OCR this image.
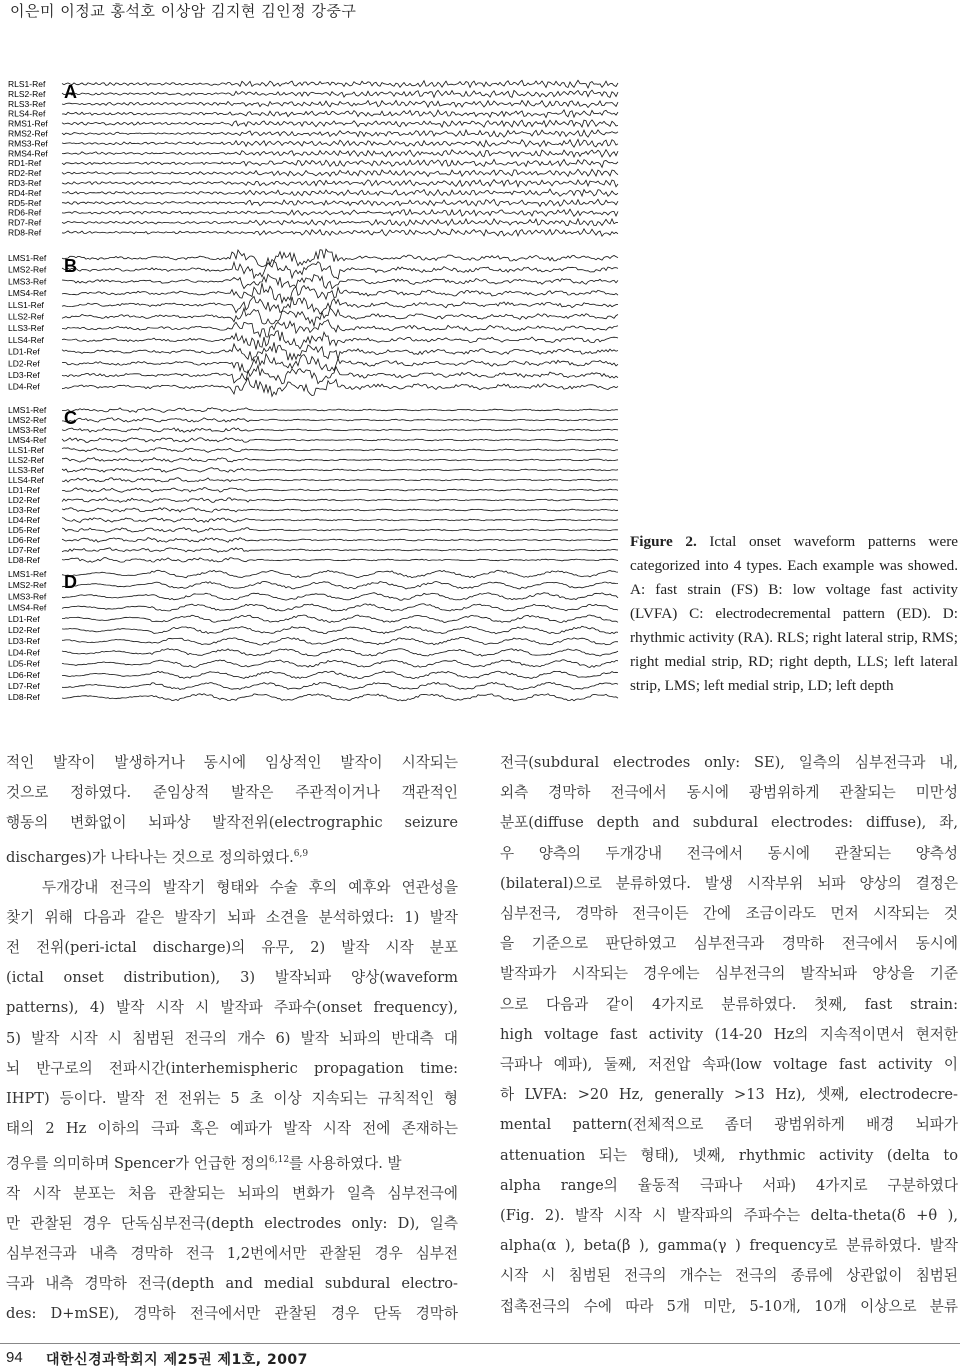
이은미 이정교 홍석호 이상암 김지현 김인정 강중구
A
RLS1-Ref
RLS2-Ref
RLS3-Ref
RLS4-Ref
RMS1-Ref
RMS2-Ref
RMS3-Ref
RMS4-Ref
RD1-Ref
RD2-Ref
RD3-Ref
RD4-Ref
RD5-Ref
RD6-Ref
RD7-Ref
RD8-Ref
B
LMS1-Ref
LMS2-Ref
LMS3-Ref
LMS4-Ref
LLS1-Ref
LLS2-Ref
LLS3-Ref
LLS4-Ref
LD1-Ref
LD2-Ref
LD3-Ref
LD4-Ref
C
LMS1-Ref
LMS2-Ref
LMS3-Ref
LMS4-Ref
LLS1-Ref
LLS2-Ref
LLS3-Ref
LLS4-Ref
LD1-Ref
LD2-Ref
LD3-Ref
LD4-Ref
LD5-Ref
LD6-Ref
LD7-Ref
LD8-Ref
D
LMS1-Ref
LMS2-Ref
LMS3-Ref
LMS4-Ref
LD1-Ref
LD2-Ref
LD3-Ref
LD4-Ref
LD5-Ref
LD6-Ref
LD7-Ref
LD8-Ref
Figure 2. Ictal onset waveform patterns were categorized into 4 types. Each example was showed. A: fast strain (FS) B: low voltage fast activity (LVFA) C: electrodecremental pattern (ED). D: rhythmic activity (RA). RLS; right lateral strip, RMS; right medial strip, RD; right depth, LLS; left lateral strip, LMS; left medial strip, LD; left depth
적인 발작이 발생하거나 동시에 임상적인 발작이 시작되는
것으로 정하였다. 준임상적 발작은 주관적이거나 객관적인
행동의 변화없이 뇌파상 발작전위(electrographic seizure
discharges)가 나타나는 것으로 정의하였다.$^{6,9}$
두개강내 전극의 발작기 형태와 수술 후의 예후와 연관성을
찾기 위해 다음과 같은 발작기 뇌파 소견을 분석하였다: 1) 발작
전 전위(peri-ictal discharge)의 유무, 2) 발작 시작 분포
(ictal onset distribution), 3) 발작뇌파 양상(waveform
patterns), 4) 발작 시작 시 발작파 주파수(onset frequency),
5) 발작 시작 시 침범된 전극의 개수 6) 발작 뇌파의 반대측 대
뇌 반구로의 전파시간(interhemispheric propagation time:
IHPT) 등이다. 발작 전 전위는 5 초 이상 지속되는 규칙적인 형
태의 2 Hz 이하의 극파 혹은 예파가 발작 시작 전에 존재하는
경우를 의미하며 Spencer가 언급한 정의$^{6,12}$를 사용하였다. 발
작 시작 분포는 처음 관찰되는 뇌파의 변화가 일측 심부전극에
만 관찰된 경우 단독심부전극(depth electrodes only: D), 일측
심부전극과 내측 경막하 전극 1,2번에서만 관찰된 경우 심부전
극과 내측 경막하 전극(depth and medial subdural electro-
des: D+mSE), 경막하 전극에서만 관찰된 경우 단독 경막하
전극(subdural electrodes only: SE), 일측의 심부전극과 내,
외측 경막하 전극에서 동시에 광범위하게 관찰되는 미만성
분포(diffuse depth and subdural electrodes: diffuse), 좌,
우 양측의 두개강내 전극에서 동시에 관찰되는 양측성
(bilateral)으로 분류하였다. 발생 시작부위 뇌파 양상의 결정은
심부전극, 경막하 전극이든 간에 조금이라도 먼저 시작되는 것
을 기준으로 판단하였고 심부전극과 경막하 전극에서 동시에
발작파가 시작되는 경우에는 심부전극의 발작뇌파 양상을 기준
으로 다음과 같이 4가지로 분류하였다. 첫째, fast strain:
high voltage fast activity (14-20 Hz의 지속적이면서 현저한
극파나 예파), 둘째, 저전압 속파(low voltage fast activity 이
하 LVFA: >20 Hz, generally >13 Hz), 셋째, electrodecre-
mental pattern(전체적으로 좀더 광범위하게 배경 뇌파가
attenuation 되는 형태), 넷째, rhythmic activity (delta to
alpha range의 율동적 극파나 서파) 4가지로 구분하였다
(Fig. 2). 발작 시작 시 발작파의 주파수는 delta-theta(δ +θ ),
alpha(α ), beta(β ), gamma(γ ) frequency로 분류하였다. 발작
시작 시 침범된 전극의 개수는 전극의 종류에 상관없이 침범된
접촉전극의 수에 따라 5개 미만, 5-10개, 10개 이상으로 분류
94 대한신경과학회지 제25권 제1호, 2007
